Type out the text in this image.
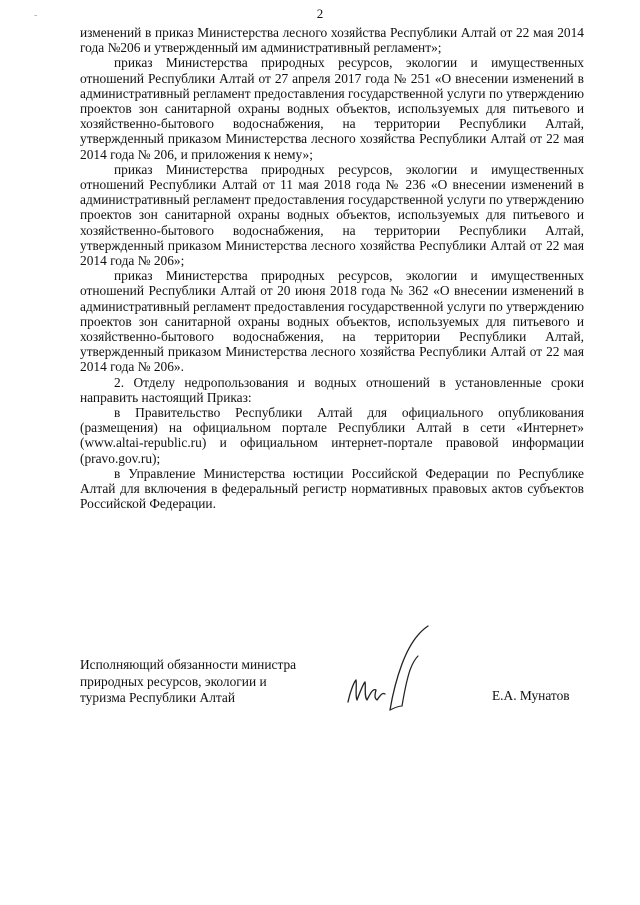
-	2

изменений в приказ Министерства лесного хозяйства Республики Алтай от 22 мая 2014 года №206 и утвержденный им административный регламент»;

приказ Министерства природных ресурсов, экологии и имущественных отношений Республики Алтай от 27 апреля 2017 года № 251 «О внесении изменений в административный регламент предоставления государственной услуги по утверждению проектов зон санитарной охраны водных объектов, используемых для питьевого и хозяйственно-бытового водоснабжения, на территории Республики Алтай, утвержденный приказом Министерства лесного хозяйства Республики Алтай от 22 мая 2014 года № 206, и приложения к нему»;

приказ Министерства природных ресурсов, экологии и имущественных отношений Республики Алтай от 11 мая 2018 года № 236 «О внесении изменений в административный регламент предоставления государственной услуги по утверждению проектов зон санитарной охраны водных объектов, используемых для питьевого и хозяйственно-бытового водоснабжения, на территории Республики Алтай, утвержденный приказом Министерства лесного хозяйства Республики Алтай от 22 мая 2014 года № 206»;

приказ Министерства природных ресурсов, экологии и имущественных отношений Республики Алтай от 20 июня 2018 года № 362 «О внесении изменений в административный регламент предоставления государственной услуги по утверждению проектов зон санитарной охраны водных объектов, используемых для питьевого и хозяйственно-бытового водоснабжения, на территории Республики Алтай, утвержденный приказом Министерства лесного хозяйства Республики Алтай от 22 мая 2014 года № 206».

2. Отделу недропользования и водных отношений в установленные сроки направить настоящий Приказ:

в Правительство Республики Алтай для официального опубликования (размещения) на официальном портале Республики Алтай в сети «Интернет» (www.altai-republic.ru) и официальном интернет-портале правовой информации (pravo.gov.ru);

в Управление Министерства юстиции Российской Федерации по Республике Алтай для включения в федеральный регистр нормативных правовых актов субъектов Российской Федерации.

Исполняющий обязанности министра
природных ресурсов, экологии и
туризма Республики Алтай	Е.А. Мунатов
